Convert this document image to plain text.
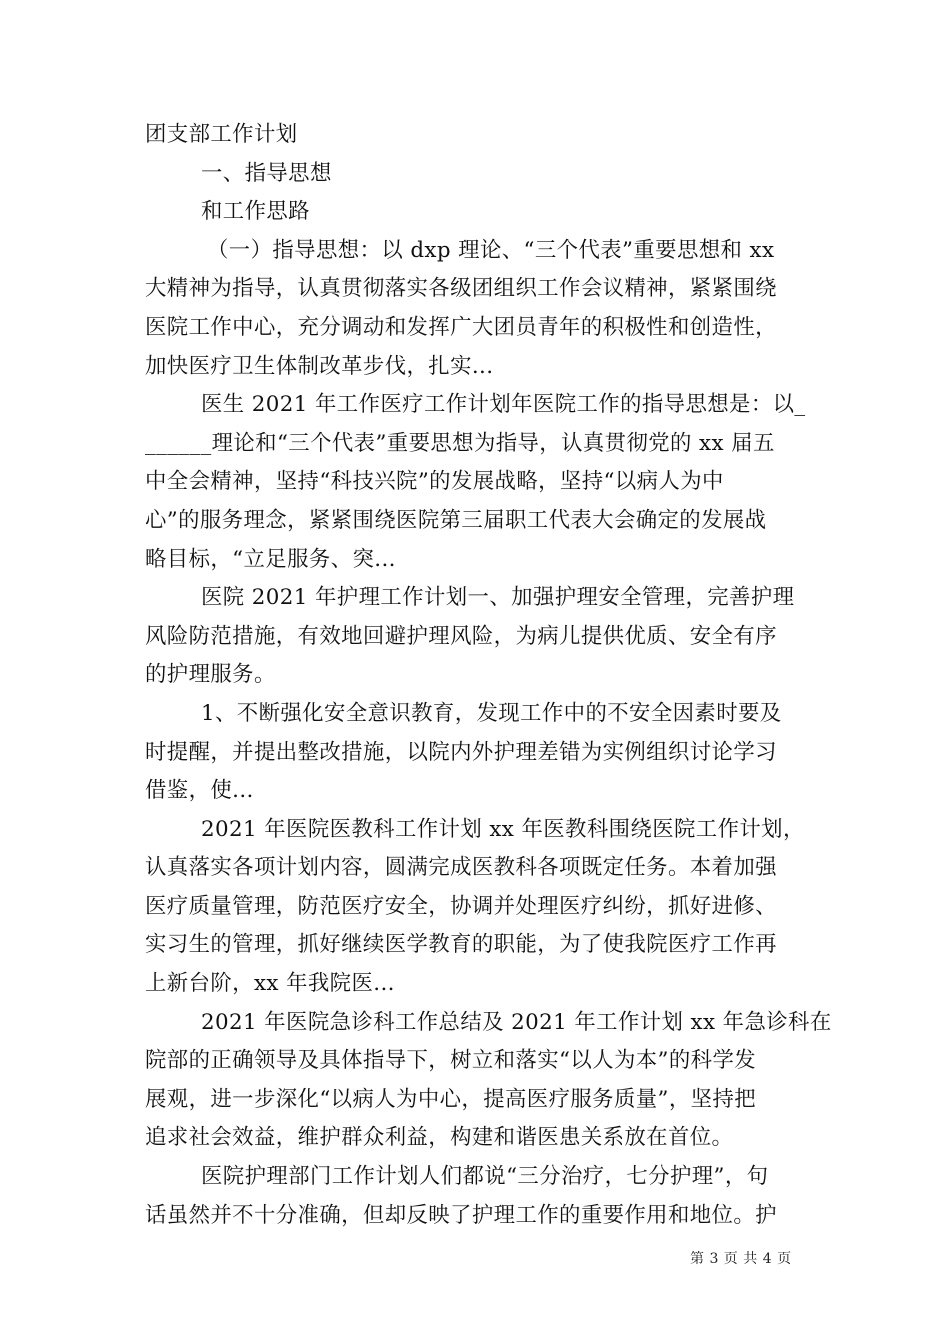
团支部工作计划
一、指导思想
和工作思路
（一）指导思想：以 dxp 理论、“三个代表”重要思想和 xx
大精神为指导，认真贯彻落实各级团组织工作会议精神，紧紧围绕
医院工作中心，充分调动和发挥广大团员青年的积极性和创造性，
加快医疗卫生体制改革步伐，扎实...
医生 2021 年工作医疗工作计划年医院工作的指导思想是：以_
______理论和“三个代表”重要思想为指导，认真贯彻党的 xx 届五
中全会精神，坚持“科技兴院”的发展战略，坚持“以病人为中
心”的服务理念，紧紧围绕医院第三届职工代表大会确定的发展战
略目标，“立足服务、突...
医院 2021 年护理工作计划一、加强护理安全管理，完善护理
风险防范措施，有效地回避护理风险，为病儿提供优质、安全有序
的护理服务。
1、不断强化安全意识教育，发现工作中的不安全因素时要及
时提醒，并提出整改措施，以院内外护理差错为实例组织讨论学习
借鉴，使...
2021 年医院医教科工作计划 xx 年医教科围绕医院工作计划，
认真落实各项计划内容，圆满完成医教科各项既定任务。本着加强
医疗质量管理，防范医疗安全，协调并处理医疗纠纷，抓好进修、
实习生的管理，抓好继续医学教育的职能，为了使我院医疗工作再
上新台阶，xx 年我院医...
2021 年医院急诊科工作总结及 2021 年工作计划 xx 年急诊科在
院部的正确领导及具体指导下，树立和落实“以人为本”的科学发
展观，进一步深化“以病人为中心，提高医疗服务质量”，坚持把
追求社会效益，维护群众利益，构建和谐医患关系放在首位。
医院护理部门工作计划人们都说“三分治疗，七分护理”，句
话虽然并不十分准确，但却反映了护理工作的重要作用和地位。护
第 3 页 共 4 页
